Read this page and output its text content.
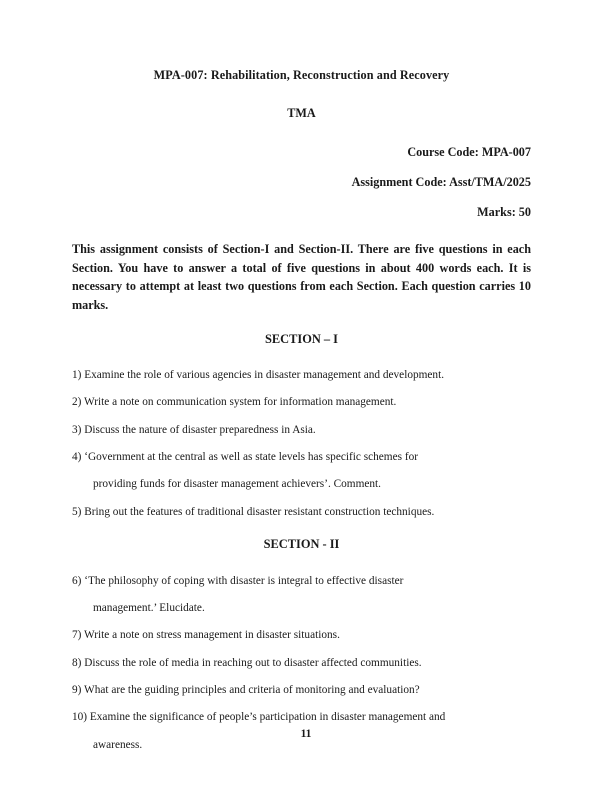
MPA-007: Rehabilitation, Reconstruction and Recovery
TMA
Course Code: MPA-007
Assignment Code: Asst/TMA/2025
Marks: 50

This assignment consists of Section-I and Section-II. There are five questions in each Section. You have to answer a total of five questions in about 400 words each. It is necessary to attempt at least two questions from each Section. Each question carries 10 marks.

SECTION – I

1) Examine the role of various agencies in disaster management and development.

2) Write a note on communication system for information management.

3) Discuss the nature of disaster preparedness in Asia.

4) ‘Government at the central as well as state levels has specific schemes for

providing funds for disaster management achievers’. Comment.

5) Bring out the features of traditional disaster resistant construction techniques.

SECTION - II

6) ‘The philosophy of coping with disaster is integral to effective disaster

management.’ Elucidate.

7) Write a note on stress management in disaster situations.

8) Discuss the role of media in reaching out to disaster affected communities.

9) What are the guiding principles and criteria of monitoring and evaluation?

10) Examine the significance of people’s participation in disaster management and

awareness.

11
